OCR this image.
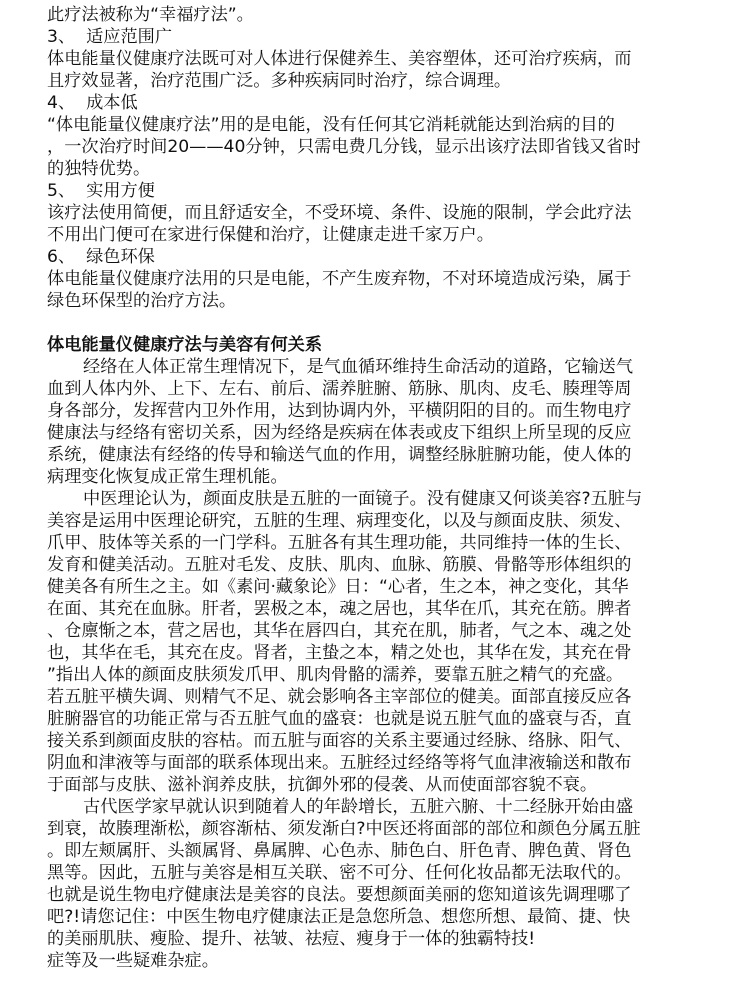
此疗法被称为“幸福疗法”。
3、 适应范围广
体电能量仪健康疗法既可对人体进行保健养生、美容塑体，还可治疗疾病，而
且疗效显著，治疗范围广泛。多种疾病同时治疗，综合调理。
4、 成本低
“体电能量仪健康疗法”用的是电能，没有任何其它消耗就能达到治病的目的
，一次治疗时间20——40分钟，只需电费几分钱，显示出该疗法即省钱又省时
的独特优势。
5、 实用方便
该疗法使用简便，而且舒适安全，不受环境、条件、设施的限制，学会此疗法
不用出门便可在家进行保健和治疗，让健康走进千家万户。
6、 绿色环保
体电能量仪健康疗法用的只是电能，不产生废弃物，不对环境造成污染，属于
绿色环保型的治疗方法。
体电能量仪健康疗法与美容有何关系
经络在人体正常生理情况下，是气血循环维持生命活动的道路，它输送气
血到人体内外、上下、左右、前后、濡养脏腑、筋脉、肌肉、皮毛、腠理等周
身各部分，发挥营内卫外作用，达到协调内外，平横阴阳的目的。而生物电疗
健康法与经络有密切关系，因为经络是疾病在体表或皮下组织上所呈现的反应
系统，健康法有经络的传导和输送气血的作用，调整经脉脏腑功能，使人体的
病理变化恢复成正常生理机能。
中医理论认为，颜面皮肤是五脏的一面镜子。没有健康又何谈美容?五脏与
美容是运用中医理论研究，五脏的生理、病理变化，以及与颜面皮肤、须发、
爪甲、肢体等关系的一门学科。五脏各有其生理功能，共同维持一体的生长、
发育和健美活动。五脏对毛发、皮肤、肌肉、血脉、筋膜、骨骼等形体组织的
健美各有所生之主。如《素问·藏象论》日：“心者，生之本，神之变化，其华
在面、其充在血脉。肝者，罢极之本，魂之居也，其华在爪，其充在筋。脾者
、仓廪惭之本，营之居也，其华在唇四白，其充在肌，肺者，气之本、魂之处
也，其华在毛，其充在皮。肾者，主蛰之本，精之处也，其华在发，其充在骨
”指出人体的颜面皮肤须发爪甲、肌肉骨骼的濡养，要靠五脏之精气的充盛。
若五脏平横失调、则精气不足、就会影响各主宰部位的健美。面部直接反应各
脏腑器官的功能正常与否五脏气血的盛衰：也就是说五脏气血的盛衰与否，直
接关系到颜面皮肤的容枯。而五脏与面容的关系主要通过经脉、络脉、阳气、
阴血和津液等与面部的联系体现出来。五脏经过经络等将气血津液输送和散布
于面部与皮肤、滋补润养皮肤，抗御外邪的侵袭、从而使面部容貌不衰。
古代医学家早就认识到随着人的年龄增长，五脏六腑、十二经脉开始由盛
到衰，故腠理渐松，颜容渐枯、须发渐白?中医还将面部的部位和颜色分属五脏
。即左颊属肝、头额属肾、鼻属脾、心色赤、肺色白、肝色青、脾色黄、肾色
黑等。因此，五脏与美容是相互关联、密不可分、任何化妆品都无法取代的。
也就是说生物电疗健康法是美容的良法。要想颜面美丽的您知道该先调理哪了
吧?!请您记住：中医生物电疗健康法正是急您所急、想您所想、最简、捷、快
的美丽肌肤、瘦脸、提升、祛皱、祛痘、瘦身于一体的独霸特技!
症等及一些疑难杂症。
